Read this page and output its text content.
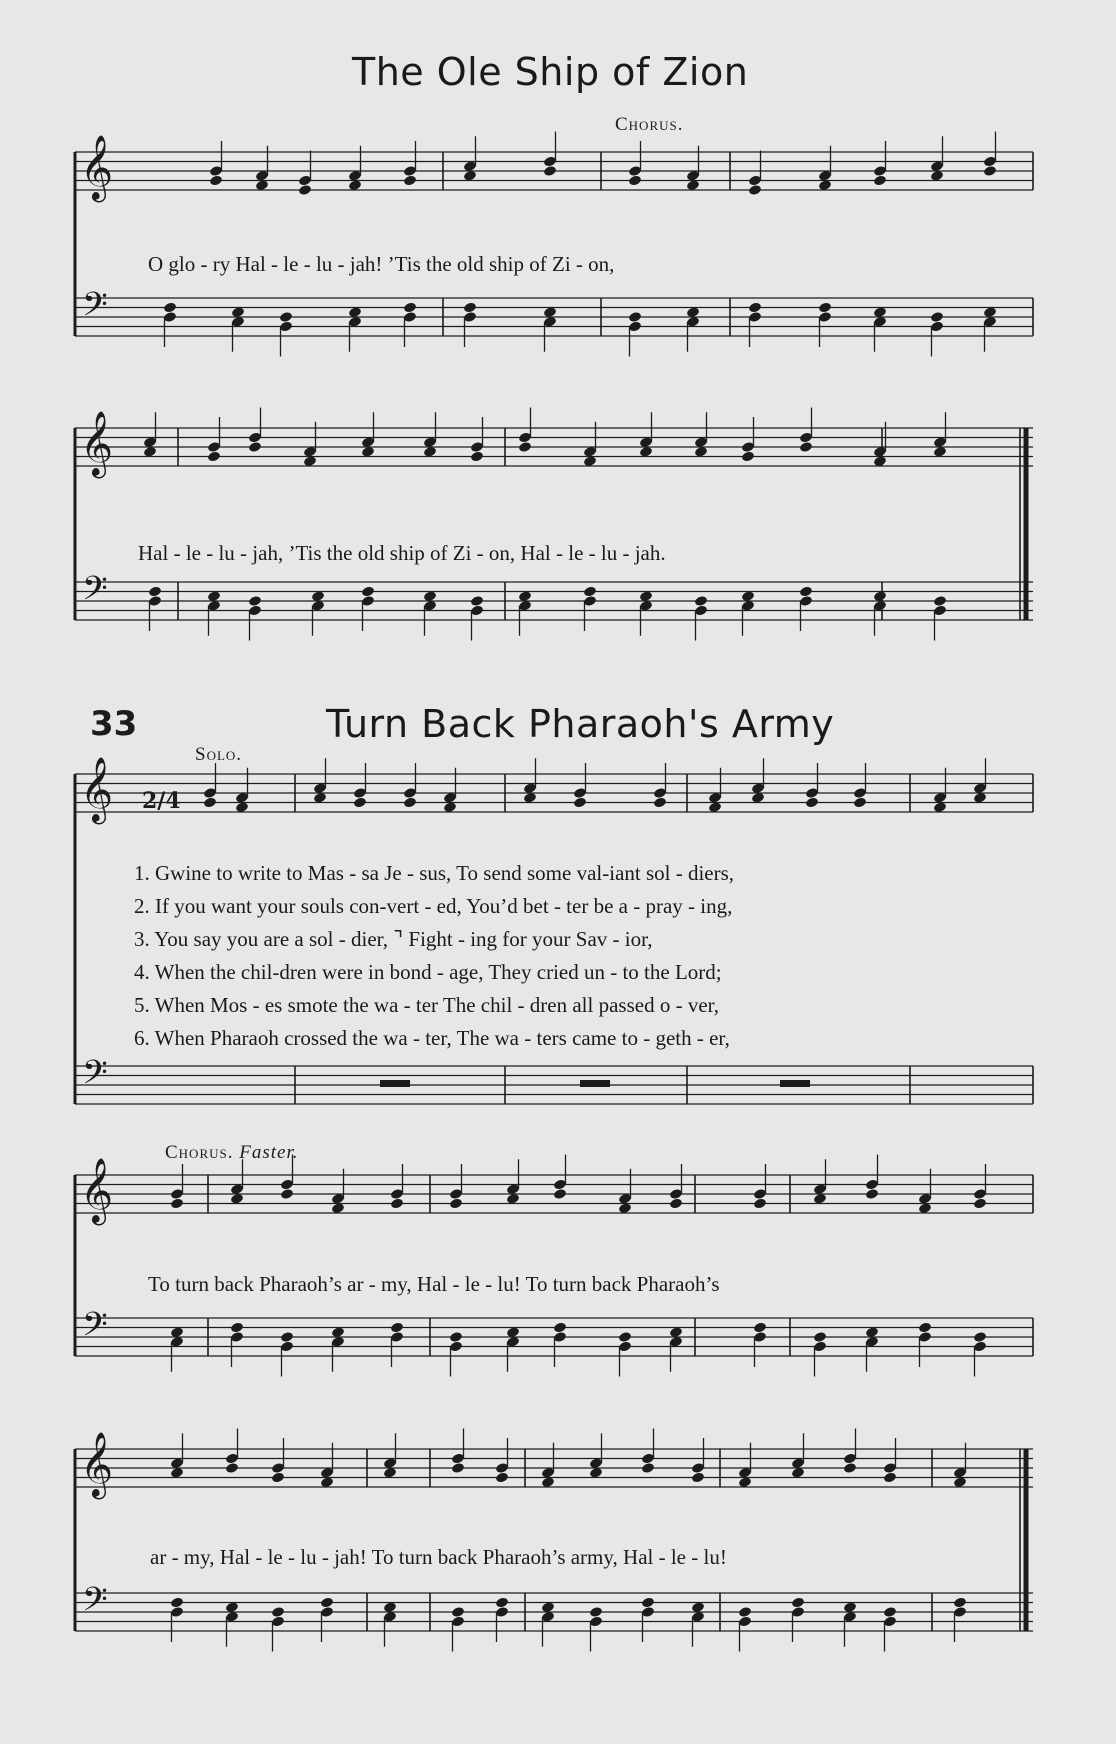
The Ole Ship of Zion
Chorus.
O glo - ry Hal - le - lu - jah! ’Tis the old ship of Zi - on,
Hal - le - lu - jah, ’Tis the old ship of Zi - on, Hal - le - lu - jah.
33	Turn Back Pharaoh's Army
Solo.
1. Gwine to write to Mas - sa Je - sus, To send some val-iant sol - diers,
2. If you want your souls con-vert - ed, You’d bet - ter be a - pray - ing,
3. You say you are a sol - dier, ⌝ Fight - ing for your Sav - ior,
4. When the chil-dren were in bond - age, They cried un - to the Lord;
5. When Mos - es smote the wa - ter The chil - dren all passed o - ver,
6. When Pharaoh crossed the wa - ter, The wa - ters came to - geth - er,
Chorus. Faster.
To turn back Pharaoh’s ar - my, Hal - le - lu! To turn back Pharaoh’s
ar - my, Hal - le - lu - jah! To turn back Pharaoh’s army, Hal - le - lu!
𝄞
𝄢
𝄞
𝄢
𝄞
𝄢
2/4
𝄞
𝄢
𝄞
𝄢
